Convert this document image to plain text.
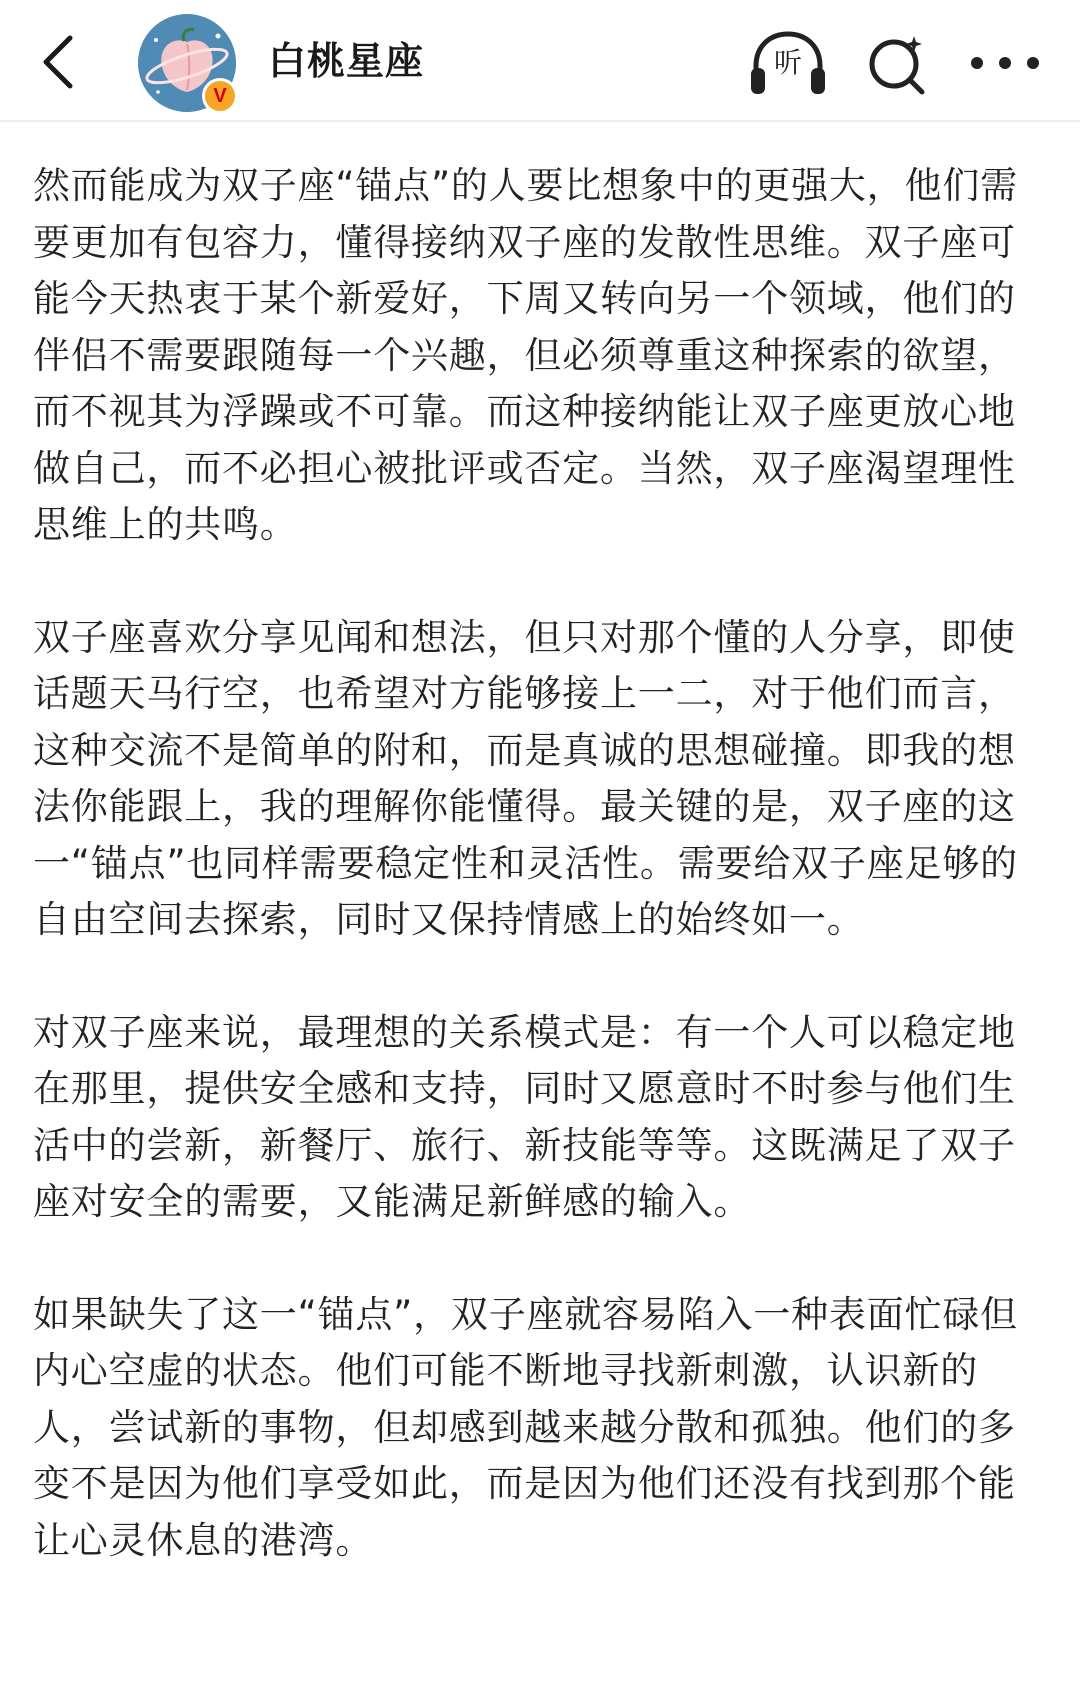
V
白桃星座	听

然而能成为双子座“锚点”的人要比想象中的更强大，他们需要更加有包容力，懂得接纳双子座的发散性思维。双子座可能今天热衷于某个新爱好，下周又转向另一个领域，他们的伴侣不需要跟随每一个兴趣，但必须尊重这种探索的欲望，而不视其为浮躁或不可靠。而这种接纳能让双子座更放心地做自己，而不必担心被批评或否定。当然，双子座渴望理性思维上的共鸣。

双子座喜欢分享见闻和想法，但只对那个懂的人分享，即使话题天马行空，也希望对方能够接上一二，对于他们而言，这种交流不是简单的附和，而是真诚的思想碰撞。即我的想法你能跟上，我的理解你能懂得。最关键的是，双子座的这一“锚点”也同样需要稳定性和灵活性。需要给双子座足够的自由空间去探索，同时又保持情感上的始终如一。

对双子座来说，最理想的关系模式是：有一个人可以稳定地在那里，提供安全感和支持，同时又愿意时不时参与他们生活中的尝新，新餐厅、旅行、新技能等等。这既满足了双子座对安全的需要，又能满足新鲜感的输入。

如果缺失了这一“锚点”，双子座就容易陷入一种表面忙碌但内心空虚的状态。他们可能不断地寻找新刺激，认识新的人，尝试新的事物，但却感到越来越分散和孤独。他们的多变不是因为他们享受如此，而是因为他们还没有找到那个能让心灵休息的港湾。
